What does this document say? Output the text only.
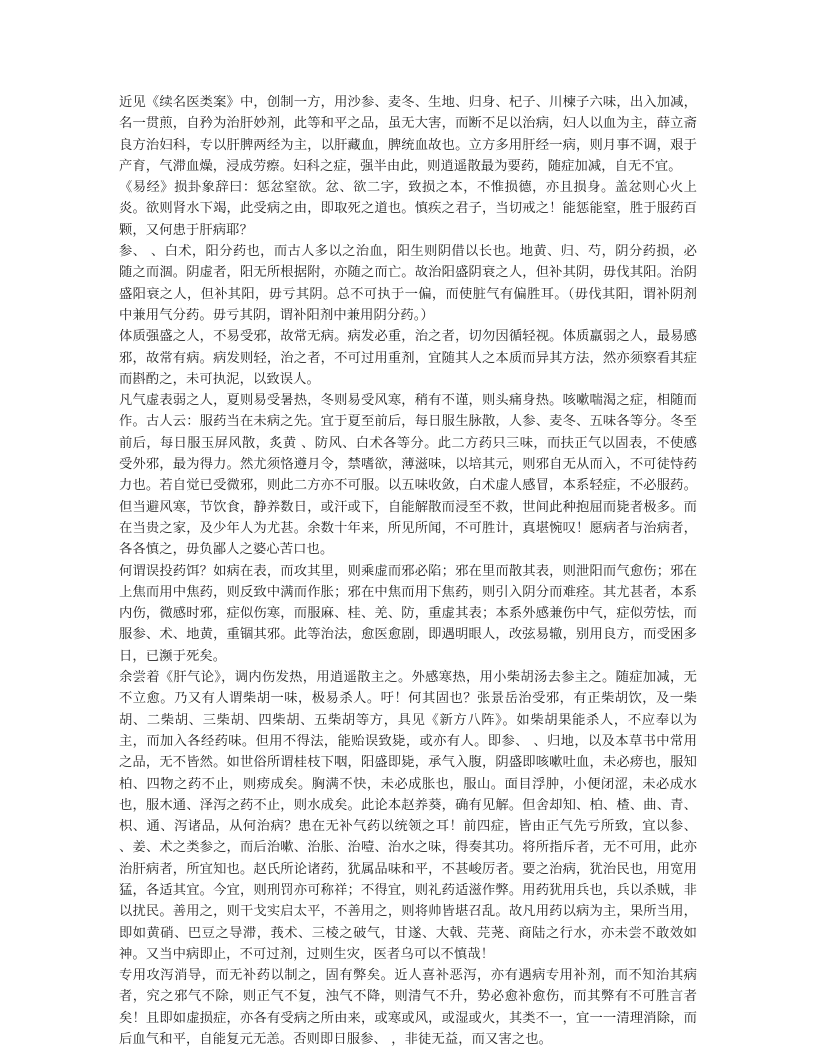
近见《续名医类案》中，创制一方，用沙参、麦冬、生地、归身、杞子、川楝子六味，出入加减，名一贯煎，自矜为治肝妙剂，此等和平之品，虽无大害，而断不足以治病，妇人以血为主，薛立斋良方治妇科，专以肝脾两经为主，以肝藏血，脾统血故也。立方多用肝经一病，则月事不调，艰于产育，气滞血燥，浸成劳瘵。妇科之症，强半由此，则逍遥散最为要药，随症加减，自无不宜。

《易经》损卦象辞曰：惩忿窒欲。忿、欲二字，致损之本，不惟损德，亦且损身。盖忿则心火上炎。欲则肾水下竭，此受病之由，即取死之道也。慎疾之君子，当切戒之！能惩能窒，胜于服药百颗，又何患于肝病耶？

参、 、白术，阳分药也，而古人多以之治血，阳生则阴借以长也。地黄、归、芍，阴分药损，必随之而涸。阴虚者，阳无所根据附，亦随之而亡。故治阳盛阴衰之人，但补其阴，毋伐其阳。治阴盛阳衰之人，但补其阳，毋亏其阴。总不可执于一偏，而使脏气有偏胜耳。（毋伐其阳，谓补阴剂中兼用气分药。毋亏其阴，谓补阳剂中兼用阴分药。）

体质强盛之人，不易受邪，故常无病。病发必重，治之者，切勿因循轻视。体质羸弱之人，最易感邪，故常有病。病发则轻，治之者，不可过用重剂，宜随其人之本质而异其方法，然亦须察看其症而斟酌之，未可执泥，以致误人。

凡气虚表弱之人，夏则易受暑热，冬则易受风寒，稍有不谨，则头痛身热。咳嗽喘渴之症，相随而作。古人云：服药当在未病之先。宜于夏至前后，每日服生脉散，人参、麦冬、五味各等分。冬至前后，每日服玉屏风散，炙黄 、防风、白术各等分。此二方药只三味，而扶正气以固表，不使感受外邪，最为得力。然尤须恪遵月令，禁嗜欲，薄滋味，以培其元，则邪自无从而入，不可徒恃药力也。若自觉已受微邪，则此二方亦不可服。以五味收敛，白术虚人感冒，本系轻症，不必服药。但当避风寒，节饮食，静养数日，或汗或下，自能解散而浸至不救，世间此种抱屈而毙者极多。而在当贵之家，及少年人为尤甚。余数十年来，所见所闻，不可胜计，真堪惋叹！愿病者与治病者，各各慎之，毋负鄙人之婆心苦口也。

何谓误投药饵？如病在表，而攻其里，则乘虚而邪必陷；邪在里而散其表，则泄阳而气愈伤；邪在上焦而用中焦药，则反致中满而作胀；邪在中焦而用下焦药，则引入阴分而难痊。其尤甚者，本系内伤，微感时邪，症似伤寒，而服麻、桂、羌、防，重虚其表；本系外感兼伤中气，症似劳怯，而服参、术、地黄，重锢其邪。此等治法，愈医愈剧，即遇明眼人，改弦易辙，别用良方，而受困多日，已濒于死矣。

余尝着《肝气论》，调内伤发热，用逍遥散主之。外感寒热，用小柴胡汤去参主之。随症加减，无不立愈。乃又有人谓柴胡一味，极易杀人。吁！何其固也？张景岳治受邪，有正柴胡饮，及一柴胡、二柴胡、三柴胡、四柴胡、五柴胡等方，具见《新方八阵》。如柴胡果能杀人，不应奉以为主，而加入各经药味。但用不得法，能贻误致毙，或亦有人。即参、 、归地，以及本草书中常用之品，无不皆然。如世俗所谓桂枝下咽，阳盛即毙，承气入腹，阴盛即咳嗽吐血，未必痨也，服知柏、四物之药不止，则痨成矣。胸满不快，未必成胀也，服山。面目浮肿，小便闭涩，未必成水也，服木通、泽泻之药不止，则水成矣。此论本赵养葵，确有见解。但舍却知、柏、楂、曲、青、枳、通、泻诸品，从何治病？患在无补气药以统领之耳！前四症，皆由正气先亏所致，宜以参、 、姜、术之类参之，而后治嗽、治胀、治噎、治水之味，得奏其功。将所指斥者，无不可用，此亦治肝病者，所宜知也。赵氏所论诸药，犹属品味和平，不甚峻厉者。要之治病，犹治民也，用宽用猛，各适其宜。今宜，则刑罚亦可称祥；不得宜，则礼药适滋作弊。用药犹用兵也，兵以杀贼，非以扰民。善用之，则干戈实启太平，不善用之，则将帅皆堪召乱。故凡用药以病为主，果所当用，即如黄硝、巴豆之导滞，莪术、三棱之破气，甘遂、大戟、芫荛、商陆之行水，亦未尝不敢效如神。又当中病即止，不可过剂，过则生灾，医者乌可以不慎哉！

专用攻泻消导，而无补药以制之，固有弊矣。近人喜补恶泻，亦有遇病专用补剂，而不知治其病者，究之邪气不除，则正气不复，浊气不降，则清气不升，势必愈补愈伤，而其弊有不可胜言者矣！且即如虚损症，亦各有受病之所由来，或寒或风，或湿或火，其类不一，宜一一清理消除，而后血气和平，自能复元无恙。否则即日服参、 ，非徒无益，而又害之也。
